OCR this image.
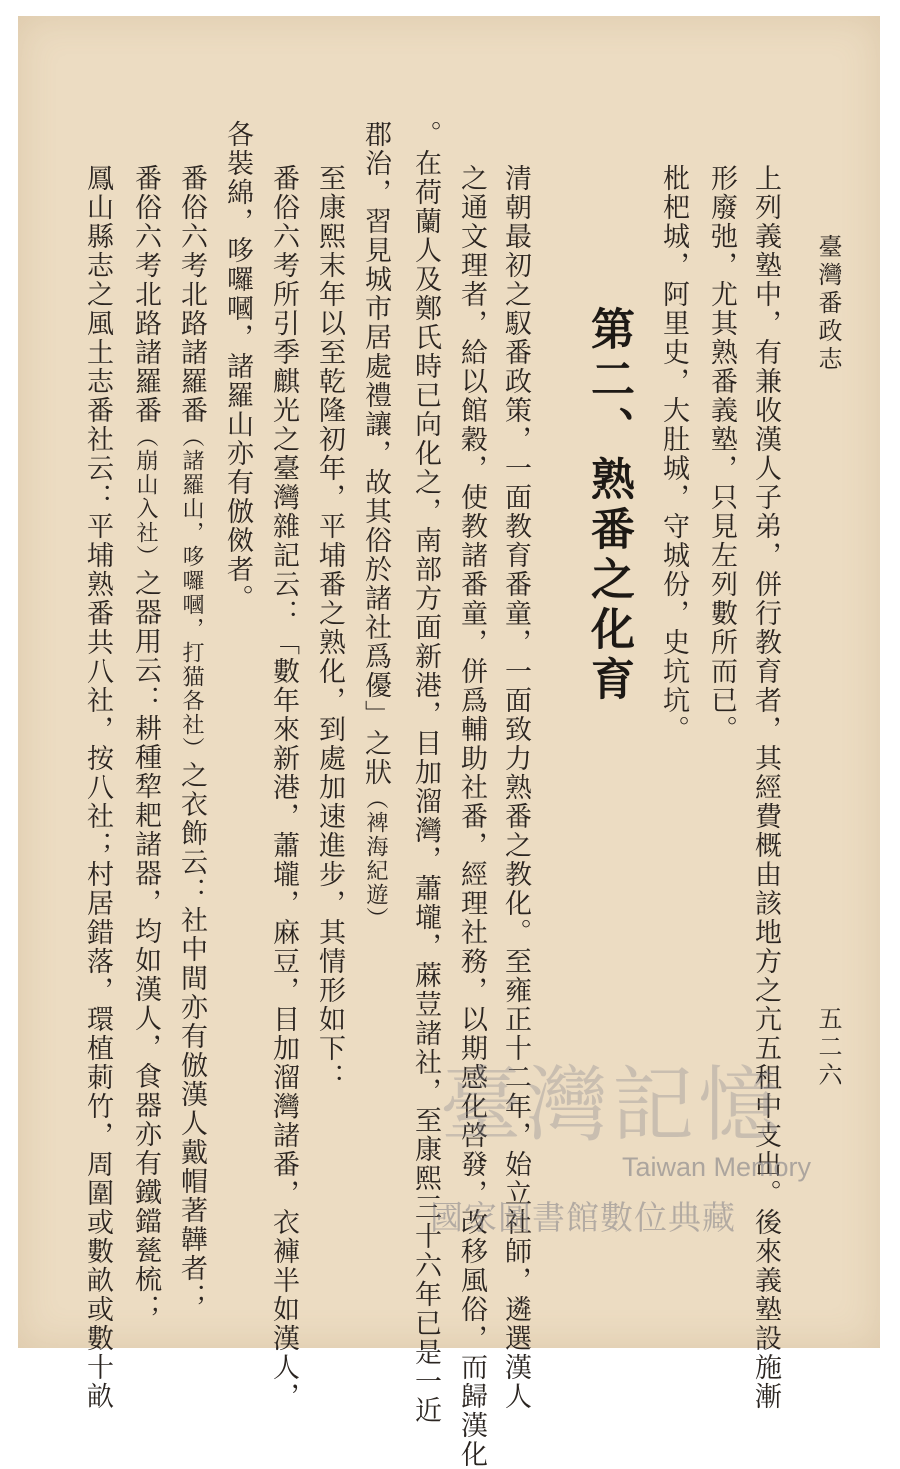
臺灣番政志
五二六
上列義塾中，有兼收漢人子弟，併行教育者，其經費概由該地方之亢五租中支出。後來義塾設施漸
形廢弛，尤其熟番義塾，只見左列數所而已。
枇杷城，阿里史，大肚城，守城份，史坑坑。
第二、熟番之化育
清朝最初之馭番政策，一面教育番童，一面致力熟番之教化。至雍正十二年，始立社師，遴選漢人
之通文理者，給以館穀，使教諸番童，併爲輔助社番，經理社務，以期感化啓發，改移風俗，而歸漢化
。在荷蘭人及鄭氏時已向化之，南部方面新港，目加溜灣，蕭壠，蔴荳諸社，至康熙三十六年已是一近
郡治，習見城市居處禮讓，故其俗於諸社爲優」之狀（裨海紀遊）
至康熙末年以至乾隆初年，平埔番之熟化，到處加速進步，其情形如下：
番俗六考所引季麒光之臺灣雜記云：「數年來新港，蕭壠，麻豆，目加溜灣諸番，衣褲半如漢人，
各裝綿，哆囉嘓，諸羅山亦有倣傚者。
番俗六考北路諸羅番（諸羅山，哆囉嘓，打猫各社）之衣飾云：社中間亦有倣漢人戴帽著韡者；
番俗六考北路諸羅番（崩山入社）之器用云：耕種犂耙諸器，均如漢人，食器亦有鐵鐺甆梳；
鳳山縣志之風土志番社云：平埔熟番共八社，按八社；村居錯落，環植莿竹，周圍或數畝或數十畝	臺灣記憶
Taiwan Memory
國家圖書館數位典藏
